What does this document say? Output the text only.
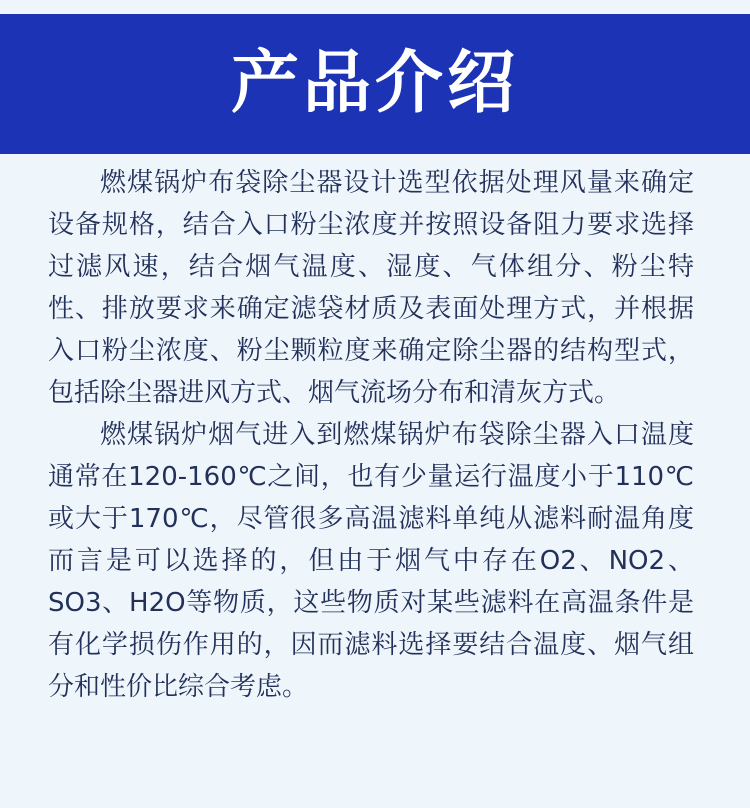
产品介绍

燃煤锅炉布袋除尘器设计选型依据处理风量来确定设备规格，结合入口粉尘浓度并按照设备阻力要求选择过滤风速，结合烟气温度、湿度、气体组分、粉尘特性、排放要求来确定滤袋材质及表面处理方式，并根据入口粉尘浓度、粉尘颗粒度来确定除尘器的结构型式，包括除尘器进风方式、烟气流场分布和清灰方式。

燃煤锅炉烟气进入到燃煤锅炉布袋除尘器入口温度通常在120-160℃之间，也有少量运行温度小于110℃或大于170℃，尽管很多高温滤料单纯从滤料耐温角度而言是可以选择的，但由于烟气中存在O2、NO2、SO3、H2O等物质，这些物质对某些滤料在高温条件是有化学损伤作用的，因而滤料选择要结合温度、烟气组分和性价比综合考虑。
